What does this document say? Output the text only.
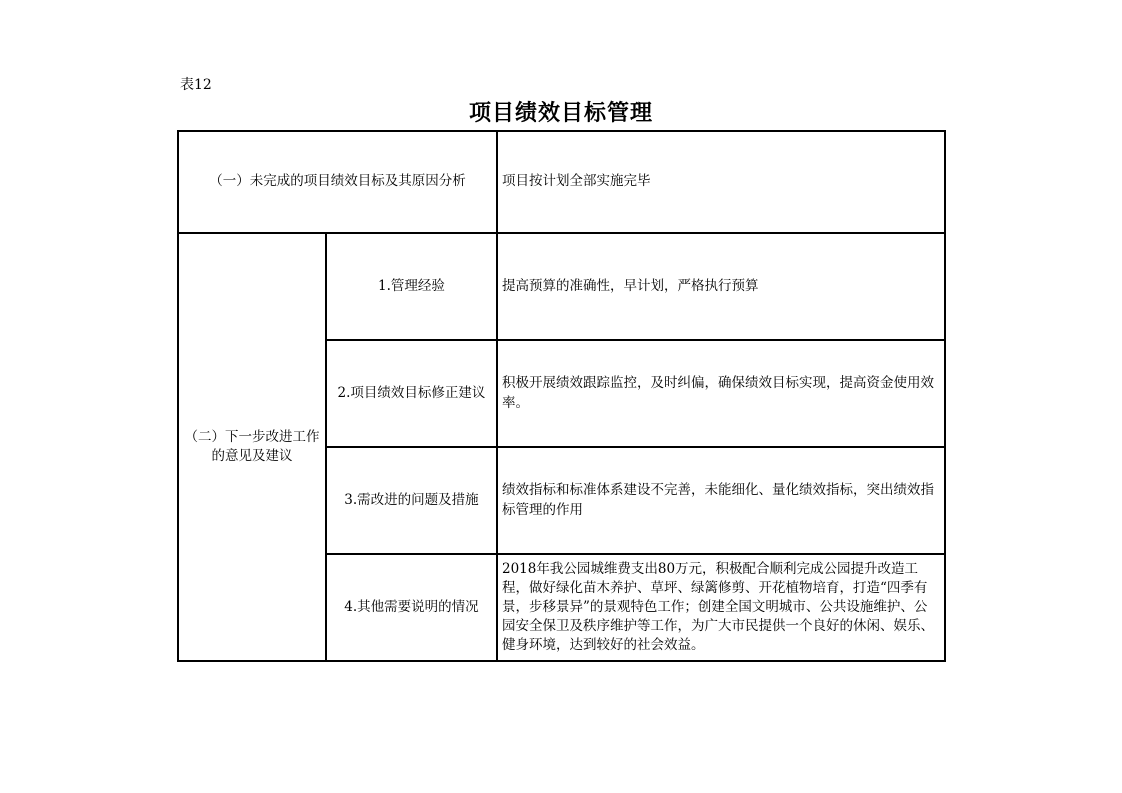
表12
项目绩效目标管理
（一）未完成的项目绩效目标及其原因分析		项目按计划全部实施完毕
（二）下一步改进工作的意见及建议	1.管理经验	提高预算的准确性，早计划，严格执行预算
	2.项目绩效目标修正建议	积极开展绩效跟踪监控，及时纠偏，确保绩效目标实现，提高资金使用效率。
	3.需改进的问题及措施	绩效指标和标准体系建设不完善，未能细化、量化绩效指标，突出绩效指标管理的作用
	4.其他需要说明的情况	2018年我公园城维费支出80万元，积极配合顺利完成公园提升改造工程，做好绿化苗木养护、草坪、绿篱修剪、开花植物培育，打造“四季有景，步移景异”的景观特色工作；创建全国文明城市、公共设施维护、公园安全保卫及秩序维护等工作，为广大市民提供一个良好的休闲、娱乐、健身环境，达到较好的社会效益。
